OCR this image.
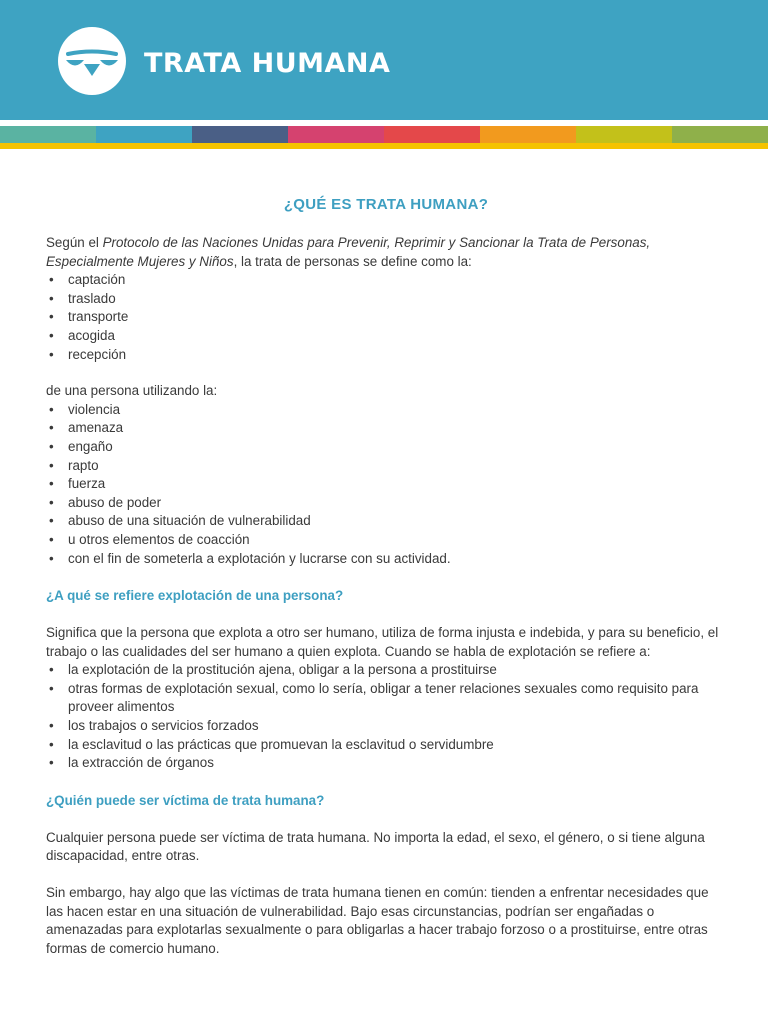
TRATA HUMANA
¿QUÉ ES TRATA HUMANA?

Según el Protocolo de las Naciones Unidas para Prevenir, Reprimir y Sancionar la Trata de Personas, Especialmente Mujeres y Niños, la trata de personas se define como la:

• captación
• traslado
• transporte
• acogida
• recepción

de una persona utilizando la:

• violencia
• amenaza
• engaño
• rapto
• fuerza
• abuso de poder
• abuso de una situación de vulnerabilidad
• u otros elementos de coacción
• con el fin de someterla a explotación y lucrarse con su actividad.
¿A qué se refiere explotación de una persona?

Significa que la persona que explota a otro ser humano, utiliza de forma injusta e indebida, y para su beneficio, el trabajo o las cualidades del ser humano a quien explota. Cuando se habla de explotación se refiere a:

• la explotación de la prostitución ajena, obligar a la persona a prostituirse
• otras formas de explotación sexual, como lo sería, obligar a tener relaciones sexuales como requisito para proveer alimentos
• los trabajos o servicios forzados
• la esclavitud o las prácticas que promuevan la esclavitud o servidumbre
• la extracción de órganos
¿Quién puede ser víctima de trata humana?

Cualquier persona puede ser víctima de trata humana. No importa la edad, el sexo, el género, o si tiene alguna discapacidad, entre otras.

Sin embargo, hay algo que las víctimas de trata humana tienen en común: tienden a enfrentar necesidades que las hacen estar en una situación de vulnerabilidad. Bajo esas circunstancias, podrían ser engañadas o amenazadas para explotarlas sexualmente o para obligarlas a hacer trabajo forzoso o a prostituirse, entre otras formas de comercio humano.
